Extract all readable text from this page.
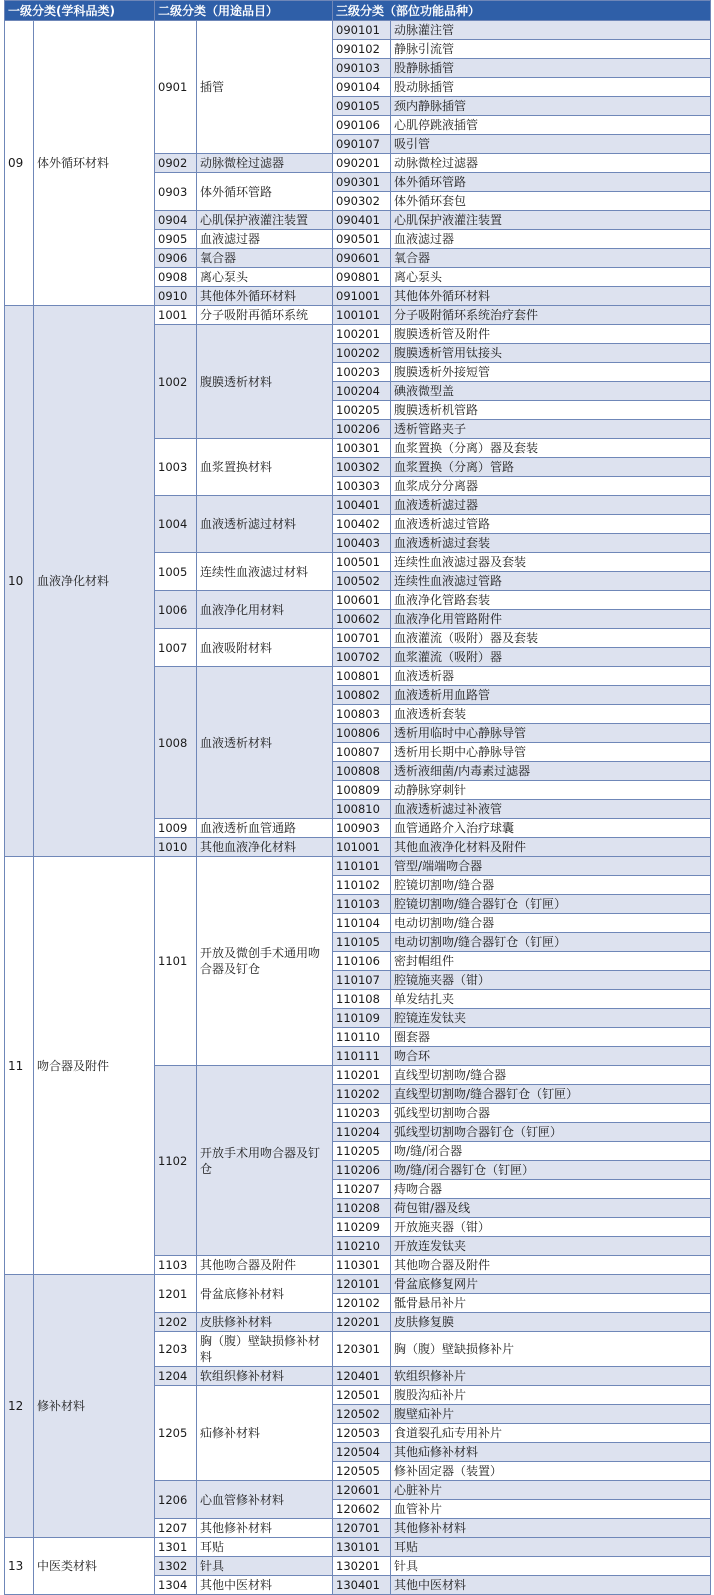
一级分类(学科品类)		二级分类（用途品目）		三级分类（部位功能品种）	
09	体外循环材料	0901	插管	090101	动脉灌注管
				090102	静脉引流管
				090103	股静脉插管
				090104	股动脉插管
				090105	颈内静脉插管
				090106	心肌停跳液插管
				090107	吸引管
		0902	动脉微栓过滤器	090201	动脉微栓过滤器
		0903	体外循环管路	090301	体外循环管路
				090302	体外循环套包
		0904	心肌保护液灌注装置	090401	心肌保护液灌注装置
		0905	血液滤过器	090501	血液滤过器
		0906	氧合器	090601	氧合器
		0908	离心泵头	090801	离心泵头
		0910	其他体外循环材料	091001	其他体外循环材料
10	血液净化材料	1001	分子吸附再循环系统	100101	分子吸附循环系统治疗套件
		1002	腹膜透析材料	100201	腹膜透析管及附件
				100202	腹膜透析管用钛接头
				100203	腹膜透析外接短管
				100204	碘液微型盖
				100205	腹膜透析机管路
				100206	透析管路夹子
		1003	血浆置换材料	100301	血浆置换（分离）器及套装
				100302	血浆置换（分离）管路
				100303	血浆成分分离器
		1004	血液透析滤过材料	100401	血液透析滤过器
				100402	血液透析滤过管路
				100403	血液透析滤过套装
		1005	连续性血液滤过材料	100501	连续性血液滤过器及套装
				100502	连续性血液滤过管路
		1006	血液净化用材料	100601	血液净化管路套装
				100602	血液净化用管路附件
		1007	血液吸附材料	100701	血液灌流（吸附）器及套装
				100702	血浆灌流（吸附）器
		1008	血液透析材料	100801	血液透析器
				100802	血液透析用血路管
				100803	血液透析套装
				100806	透析用临时中心静脉导管
				100807	透析用长期中心静脉导管
				100808	透析液细菌/内毒素过滤器
				100809	动静脉穿刺针
				100810	血液透析滤过补液管
		1009	血液透析血管通路	100903	血管通路介入治疗球囊
		1010	其他血液净化材料	101001	其他血液净化材料及附件
11	吻合器及附件	1101	开放及微创手术通用吻合器及钉仓	110101	管型/端端吻合器
				110102	腔镜切割吻/缝合器
				110103	腔镜切割吻/缝合器钉仓（钉匣）
				110104	电动切割吻/缝合器
				110105	电动切割吻/缝合器钉仓（钉匣）
				110106	密封帽组件
				110107	腔镜施夹器（钳）
				110108	单发结扎夹
				110109	腔镜连发钛夹
				110110	圈套器
				110111	吻合环
		1102	开放手术用吻合器及钉仓	110201	直线型切割吻/缝合器
				110202	直线型切割吻/缝合器钉仓（钉匣）
				110203	弧线型切割吻合器
				110204	弧线型切割吻合器钉仓（钉匣）
				110205	吻/缝/闭合器
				110206	吻/缝/闭合器钉仓（钉匣）
				110207	痔吻合器
				110208	荷包钳/器及线
				110209	开放施夹器（钳）
				110210	开放连发钛夹
		1103	其他吻合器及附件	110301	其他吻合器及附件
12	修补材料	1201	骨盆底修补材料	120101	骨盆底修复网片
				120102	骶骨悬吊补片
		1202	皮肤修补材料	120201	皮肤修复膜
		1203	胸（腹）壁缺损修补材料	120301	胸（腹）壁缺损修补片
		1204	软组织修补材料	120401	软组织修补片
		1205	疝修补材料	120501	腹股沟疝补片
				120502	腹壁疝补片
				120503	食道裂孔疝专用补片
				120504	其他疝修补材料
				120505	修补固定器（装置）
		1206	心血管修补材料	120601	心脏补片
				120602	血管补片
		1207	其他修补材料	120701	其他修补材料
13	中医类材料	1301	耳贴	130101	耳贴
		1302	针具	130201	针具
		1304	其他中医材料	130401	其他中医材料
